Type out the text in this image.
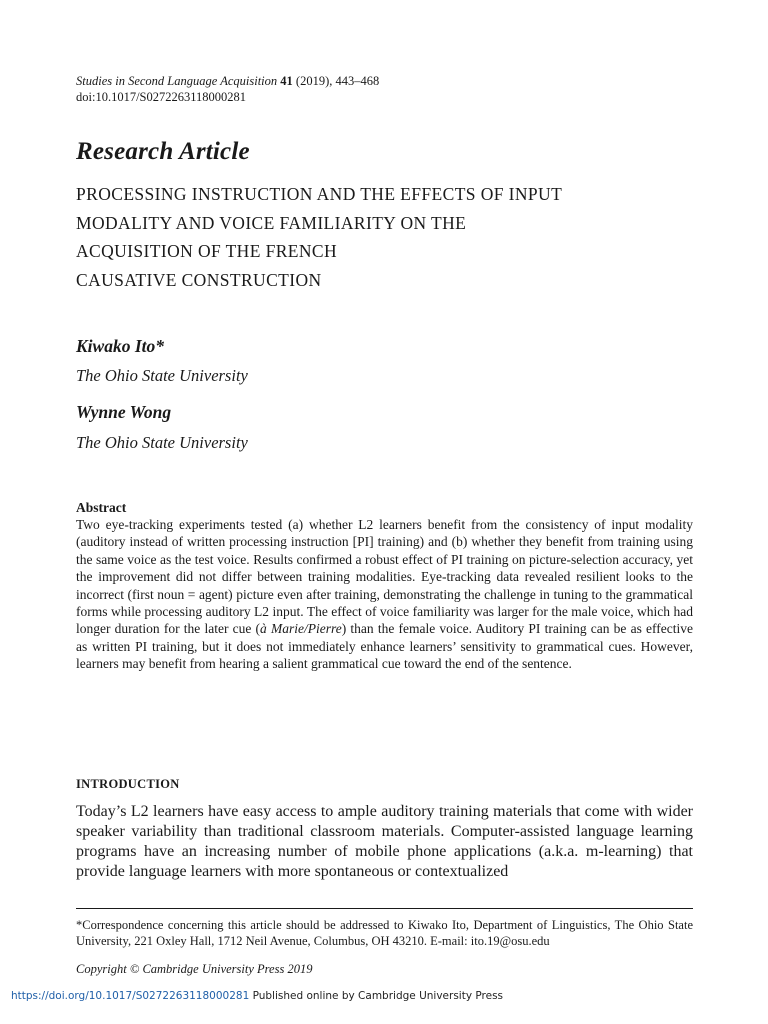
Studies in Second Language Acquisition 41 (2019), 443–468
doi:10.1017/S0272263118000281
Research Article
PROCESSING INSTRUCTION AND THE EFFECTS OF INPUT
MODALITY AND VOICE FAMILIARITY ON THE
ACQUISITION OF THE FRENCH
CAUSATIVE CONSTRUCTION
Kiwako Ito*
The Ohio State University
Wynne Wong
The Ohio State University
Abstract
Two eye-tracking experiments tested (a) whether L2 learners benefit from the consistency of input modality (auditory instead of written processing instruction [PI] training) and (b) whether they benefit from training using the same voice as the test voice. Results confirmed a robust effect of PI training on picture-selection accuracy, yet the improvement did not differ between training modalities. Eye-tracking data revealed resilient looks to the incorrect (first noun = agent) picture even after training, demonstrating the challenge in tuning to the grammatical forms while processing auditory L2 input. The effect of voice familiarity was larger for the male voice, which had longer duration for the later cue (à Marie/Pierre) than the female voice. Auditory PI training can be as effective as written PI training, but it does not immediately enhance learners’ sensitivity to grammatical cues. However, learners may benefit from hearing a salient grammatical cue toward the end of the sentence.
INTRODUCTION
Today’s L2 learners have easy access to ample auditory training materials that come with wider speaker variability than traditional classroom materials. Computer-assisted language learning programs have an increasing number of mobile phone applications (a.k.a. m-learning) that provide language learners with more spontaneous or contextualized
*Correspondence concerning this article should be addressed to Kiwako Ito, Department of Linguistics, The Ohio State University, 221 Oxley Hall, 1712 Neil Avenue, Columbus, OH 43210. E-mail: ito.19@osu.edu
Copyright © Cambridge University Press 2019
https://doi.org/10.1017/S0272263118000281 Published online by Cambridge University Press
